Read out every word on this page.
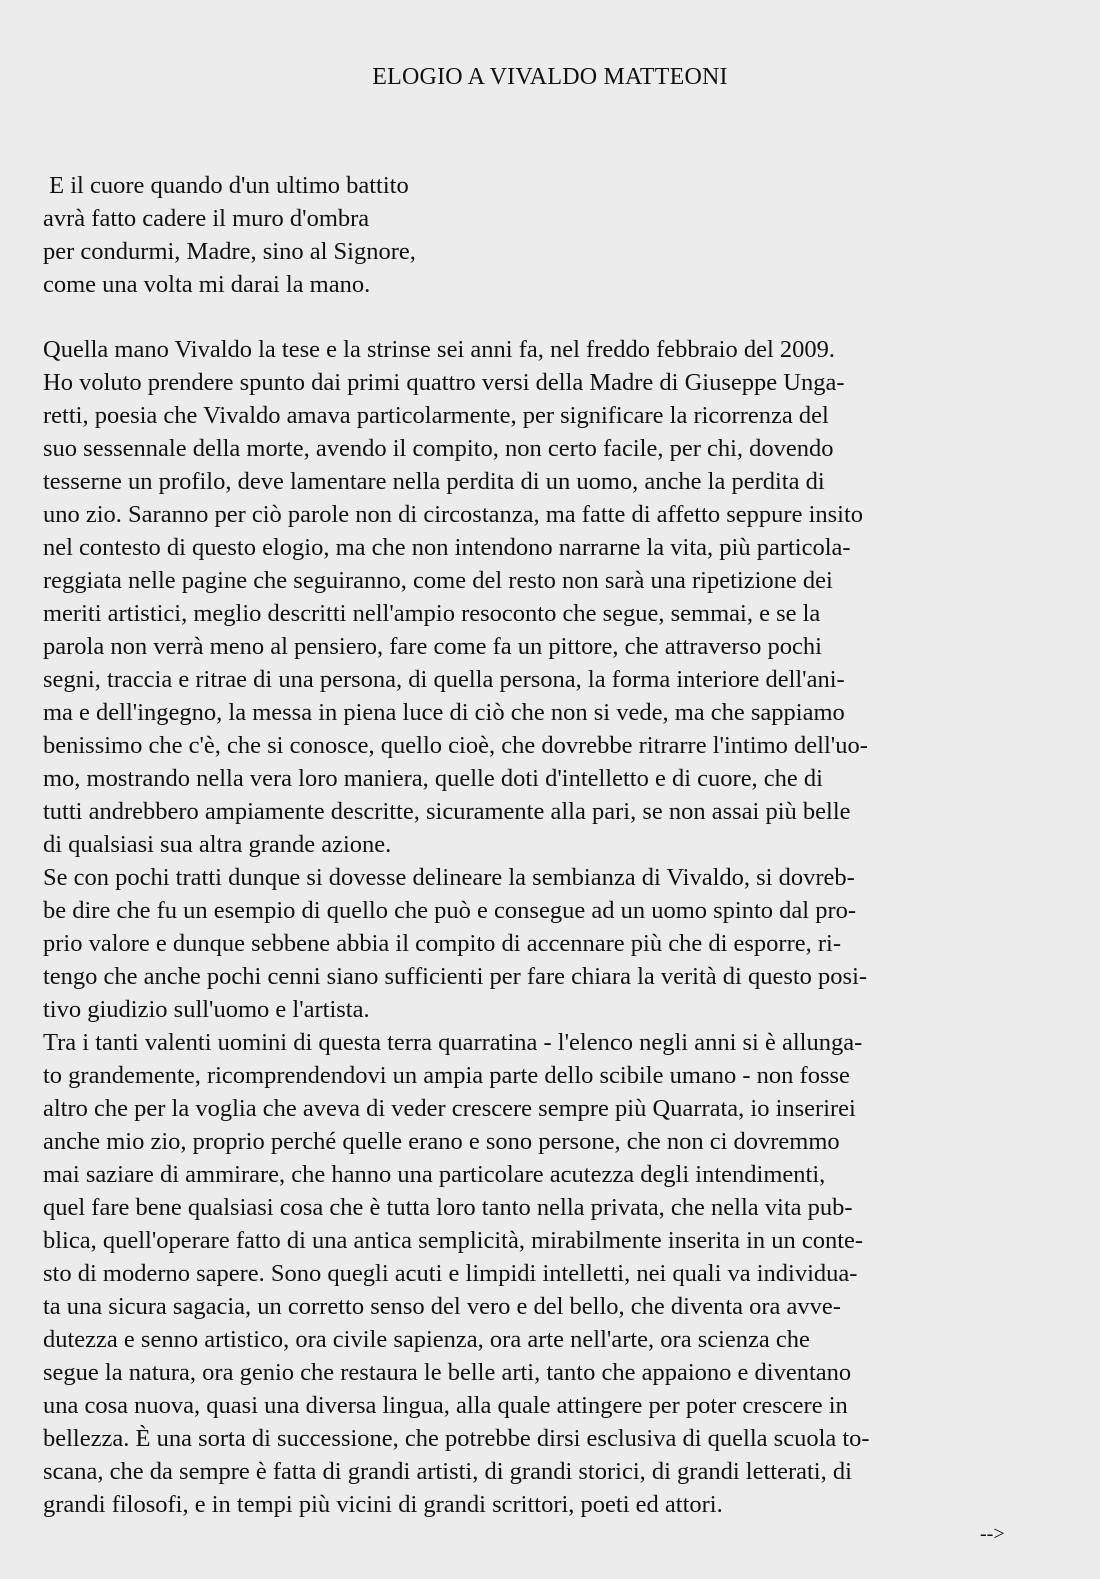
ELOGIO A VIVALDO MATTEONI
E il cuore quando d'un ultimo battito
avrà fatto cadere il muro d'ombra
per condurmi, Madre, sino al Signore,
come una volta mi darai la mano.
Quella mano Vivaldo la tese e la strinse sei anni fa, nel freddo febbraio del 2009.
Ho voluto prendere spunto dai primi quattro versi della Madre di Giuseppe Unga-
retti, poesia che Vivaldo amava particolarmente, per significare la ricorrenza del
suo sessennale della morte, avendo il compito, non certo facile, per chi, dovendo
tesserne un profilo, deve lamentare nella perdita di un uomo, anche la perdita di
uno zio. Saranno per ciò parole non di circostanza, ma fatte di affetto seppure insito
nel contesto di questo elogio, ma che non intendono narrarne la vita, più particola-
reggiata nelle pagine che seguiranno, come del resto non sarà una ripetizione dei
meriti artistici, meglio descritti nell'ampio resoconto che segue, semmai, e se la
parola non verrà meno al pensiero, fare come fa un pittore, che attraverso pochi
segni, traccia e ritrae di una persona, di quella persona, la forma interiore dell'ani-
ma e dell'ingegno, la messa in piena luce di ciò che non si vede, ma che sappiamo
benissimo che c'è, che si conosce, quello cioè, che dovrebbe ritrarre l'intimo dell'uo-
mo, mostrando nella vera loro maniera, quelle doti d'intelletto e di cuore, che di
tutti andrebbero ampiamente descritte, sicuramente alla pari, se non assai più belle
di qualsiasi sua altra grande azione.
Se con pochi tratti dunque si dovesse delineare la sembianza di Vivaldo, si dovreb-
be dire che fu un esempio di quello che può e consegue ad un uomo spinto dal pro-
prio valore e dunque sebbene abbia il compito di accennare più che di esporre, ri-
tengo che anche pochi cenni siano sufficienti per fare chiara la verità di questo posi-
tivo giudizio sull'uomo e l'artista.
Tra i tanti valenti uomini di questa terra quarratina - l'elenco negli anni si è allunga-
to grandemente, ricomprendendovi un ampia parte dello scibile umano - non fosse
altro che per la voglia che aveva di veder crescere sempre più Quarrata, io inserirei
anche mio zio, proprio perché quelle erano e sono persone, che non ci dovremmo
mai saziare di ammirare, che hanno una particolare acutezza degli intendimenti,
quel fare bene qualsiasi cosa che è tutta loro tanto nella privata, che nella vita pub-
blica, quell'operare fatto di una antica semplicità, mirabilmente inserita in un conte-
sto di moderno sapere. Sono quegli acuti e limpidi intelletti, nei quali va individua-
ta una sicura sagacia, un corretto senso del vero e del bello, che diventa ora avve-
dutezza e senno artistico, ora civile sapienza, ora arte nell'arte, ora scienza che
segue la natura, ora genio che restaura le belle arti, tanto che appaiono e diventano
una cosa nuova, quasi una diversa lingua, alla quale attingere per poter crescere in
bellezza. È una sorta di successione, che potrebbe dirsi esclusiva di quella scuola to-
scana, che da sempre è fatta di grandi artisti, di grandi storici, di grandi letterati, di
grandi filosofi, e in tempi più vicini di grandi scrittori, poeti ed attori.
-->
